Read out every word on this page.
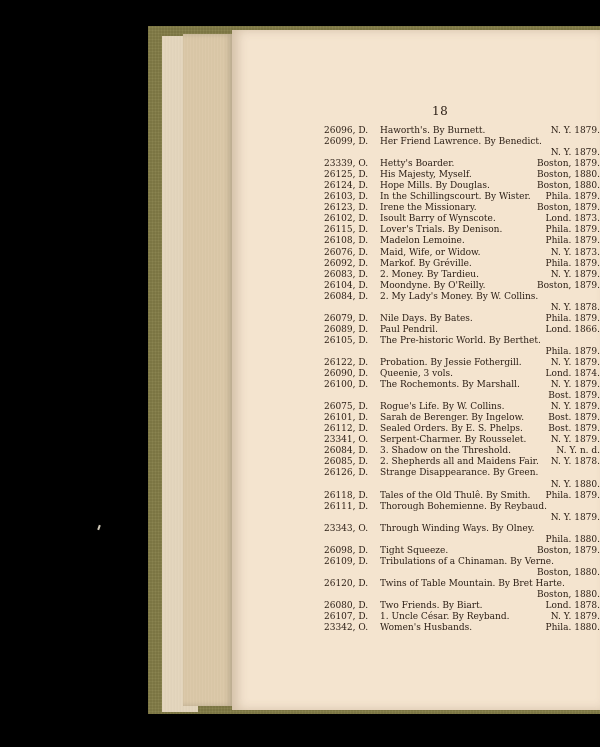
18
26096, D. Haworth's. By Burnett.	N. Y. 1879.
26099, D. Her Friend Lawrence. By Benedict.
N. Y. 1879.
23339, O. Hetty's Boarder.	Boston, 1879.
26125, D. His Majesty, Myself.	Boston, 1880.
26124, D. Hope Mills. By Douglas.	Boston, 1880.
26103, D. In the Schillingscourt. By Wister. Phila. 1879.
26123, D. Irene the Missionary.	Boston, 1879.
26102, D. Isoult Barry of Wynscote.	Lond. 1873.
26115, D. Lover's Trials. By Denison.	Phila. 1879.
26108, D. Madelon Lemoine.	Phila. 1879.
26076, D. Maid, Wife, or Widow.	N. Y. 1873.
26092, D. Markof. By Gréville.	Phila. 1879.
26083, D. 2. Money. By Tardieu.	N. Y. 1879.
26104, D. Moondyne. By O'Reilly.	Boston, 1879.
26084, D. 2. My Lady's Money. By W. Collins.
N. Y. 1878.
26079, D. Nile Days. By Bates.	Phila. 1879.
26089, D. Paul Pendril.	Lond. 1866.
26105, D. The Pre-historic World. By Berthet.
Phila. 1879.
26122, D. Probation. By Jessie Fothergill.	N. Y. 1879.
26090, D. Queenie, 3 vols.	Lond. 1874.
26100, D. The Rochemonts. By Marshall.	N. Y. 1879.
Bost. 1879.
26075, D. Rogue's Life. By W. Collins.	N. Y. 1879.
26101, D. Sarah de Berenger. By Ingelow.	Bost. 1879.
26112, D. Sealed Orders. By E. S. Phelps.	Bost. 1879.
23341, O. Serpent-Charmer. By Rousselet.	N. Y. 1879.
26084, D. 3. Shadow on the Threshold.	N. Y. n. d.
26085, D. 2. Shepherds all and Maidens Fair. N. Y. 1878.
26126, D. Strange Disappearance. By Green.
N. Y. 1880.
26118, D. Tales of the Old Thulê. By Smith. Phila. 1879.
26111, D. Thorough Bohemienne. By Reybaud.
N. Y. 1879.
23343, O. Through Winding Ways. By Olney.
Phila. 1880.
26098, D. Tight Squeeze.	Boston, 1879.
26109, D. Tribulations of a Chinaman. By Verne.
Boston, 1880.
26120, D. Twins of Table Mountain. By Bret Harte.
Boston, 1880.
26080, D. Two Friends. By Biart.	Lond. 1878.
26107, D. 1. Uncle César. By Reyband.	N. Y. 1879.
23342, O. Women's Husbands.	Phila. 1880.
